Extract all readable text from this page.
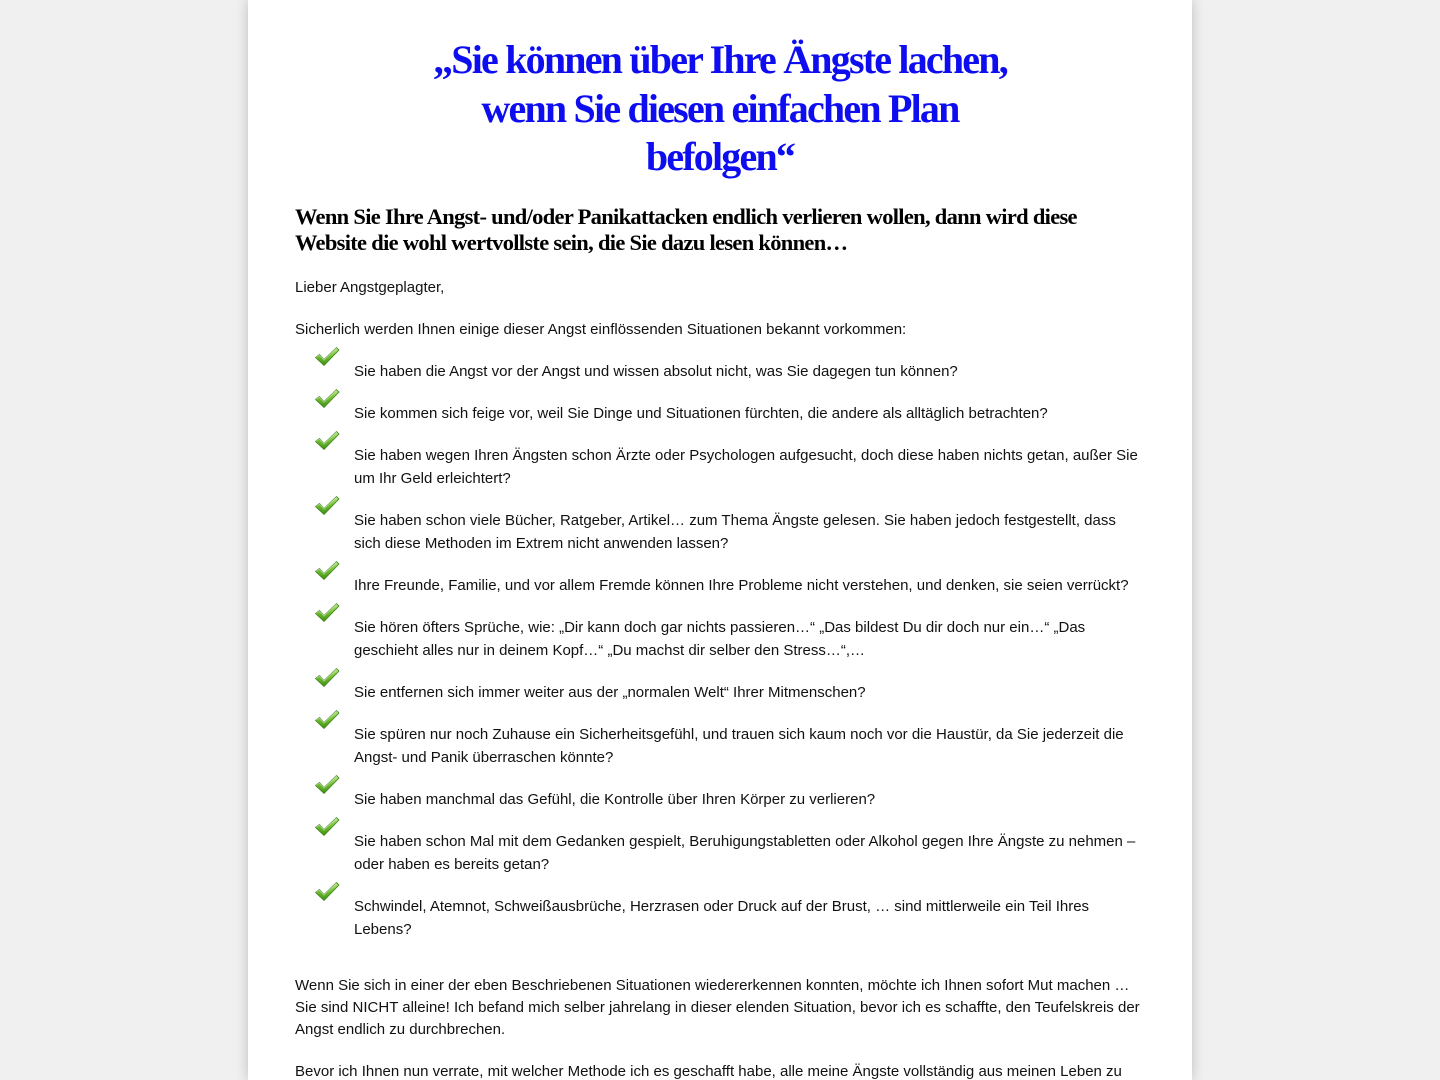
„Sie können über Ihre Ängste lachen, wenn Sie diesen einfachen Plan befolgen“
Wenn Sie Ihre Angst- und/oder Panikattacken endlich verlieren wollen, dann wird diese Website die wohl wertvollste sein, die Sie dazu lesen können…

Lieber Angstgeplagter,

Sicherlich werden Ihnen einige dieser Angst einflössenden Situationen bekannt vorkommen:

Sie haben die Angst vor der Angst und wissen absolut nicht, was Sie dagegen tun können?
Sie kommen sich feige vor, weil Sie Dinge und Situationen fürchten, die andere als alltäglich betrachten?
Sie haben wegen Ihren Ängsten schon Ärzte oder Psychologen aufgesucht, doch diese haben nichts getan, außer Sie um Ihr Geld erleichtert?
Sie haben schon viele Bücher, Ratgeber, Artikel… zum Thema Ängste gelesen. Sie haben jedoch festgestellt, dass sich diese Methoden im Extrem nicht anwenden lassen?
Ihre Freunde, Familie, und vor allem Fremde können Ihre Probleme nicht verstehen, und denken, sie seien verrückt?
Sie hören öfters Sprüche, wie: „Dir kann doch gar nichts passieren…“ „Das bildest Du dir doch nur ein…“ „Das geschieht alles nur in deinem Kopf…“ „Du machst dir selber den Stress…“,…
Sie entfernen sich immer weiter aus der „normalen Welt“ Ihrer Mitmenschen?
Sie spüren nur noch Zuhause ein Sicherheitsgefühl, und trauen sich kaum noch vor die Haustür, da Sie jederzeit die Angst- und Panik überraschen könnte?
Sie haben manchmal das Gefühl, die Kontrolle über Ihren Körper zu verlieren?
Sie haben schon Mal mit dem Gedanken gespielt, Beruhigungstabletten oder Alkohol gegen Ihre Ängste zu nehmen – oder haben es bereits getan?
Schwindel, Atemnot, Schweißausbrüche, Herzrasen oder Druck auf der Brust, … sind mittlerweile ein Teil Ihres Lebens?

Wenn Sie sich in einer der eben Beschriebenen Situationen wiedererkennen konnten, möchte ich Ihnen sofort Mut machen … Sie sind NICHT alleine! Ich befand mich selber jahrelang in dieser elenden Situation, bevor ich es schaffte, den Teufelskreis der Angst endlich zu durchbrechen.

Bevor ich Ihnen nun verrate, mit welcher Methode ich es geschafft habe, alle meine Ängste vollständig aus meinen Leben zu
